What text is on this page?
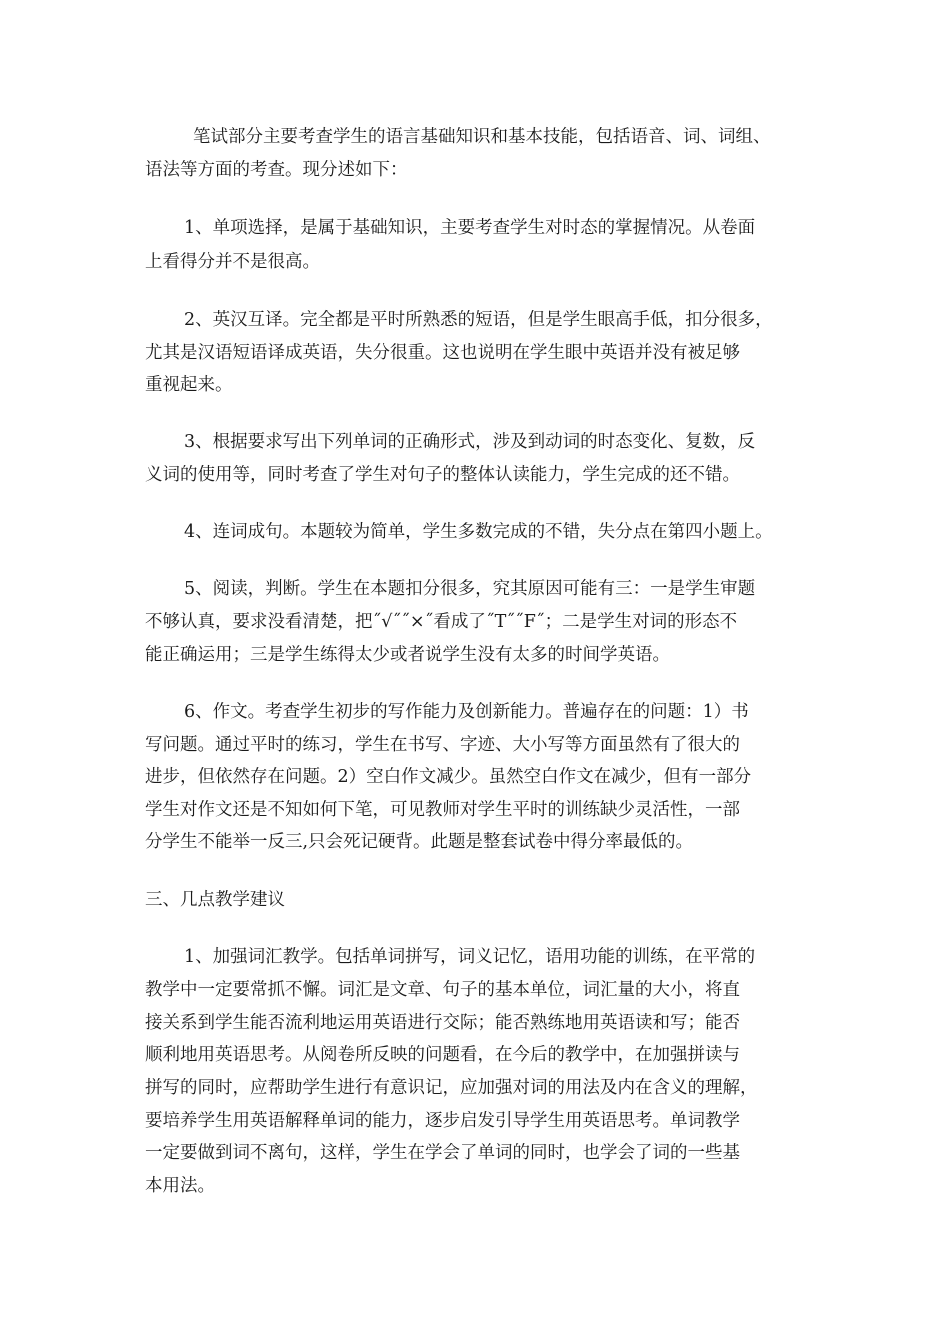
笔试部分主要考查学生的语言基础知识和基本技能，包括语音、词、词组、

语法等方面的考查。现分述如下：

1、单项选择，是属于基础知识，主要考查学生对时态的掌握情况。从卷面

上看得分并不是很高。

2、英汉互译。完全都是平时所熟悉的短语，但是学生眼高手低，扣分很多，

尤其是汉语短语译成英语，失分很重。这也说明在学生眼中英语并没有被足够

重视起来。

3、根据要求写出下列单词的正确形式，涉及到动词的时态变化、复数，反

义词的使用等，同时考查了学生对句子的整体认读能力，学生完成的还不错。

4、连词成句。本题较为简单，学生多数完成的不错，失分点在第四小题上。

5、阅读，判断。学生在本题扣分很多，究其原因可能有三：一是学生审题

不够认真，要求没看清楚，把˝√˝˝×˝看成了˝T˝˝F˝；二是学生对词的形态不

能正确运用；三是学生练得太少或者说学生没有太多的时间学英语。

6、作文。考查学生初步的写作能力及创新能力。普遍存在的问题：1）书

写问题。通过平时的练习，学生在书写、字迹、大小写等方面虽然有了很大的

进步，但依然存在问题。2）空白作文减少。虽然空白作文在减少，但有一部分

学生对作文还是不知如何下笔，可见教师对学生平时的训练缺少灵活性，一部

分学生不能举一反三,只会死记硬背。此题是整套试卷中得分率最低的。

三、几点教学建议

1、加强词汇教学。包括单词拼写，词义记忆，语用功能的训练，在平常的

教学中一定要常抓不懈。词汇是文章、句子的基本单位，词汇量的大小，将直

接关系到学生能否流利地运用英语进行交际；能否熟练地用英语读和写；能否

顺利地用英语思考。从阅卷所反映的问题看，在今后的教学中，在加强拼读与

拼写的同时，应帮助学生进行有意识记，应加强对词的用法及内在含义的理解，

要培养学生用英语解释单词的能力，逐步启发引导学生用英语思考。单词教学

一定要做到词不离句，这样，学生在学会了单词的同时，也学会了词的一些基

本用法。
